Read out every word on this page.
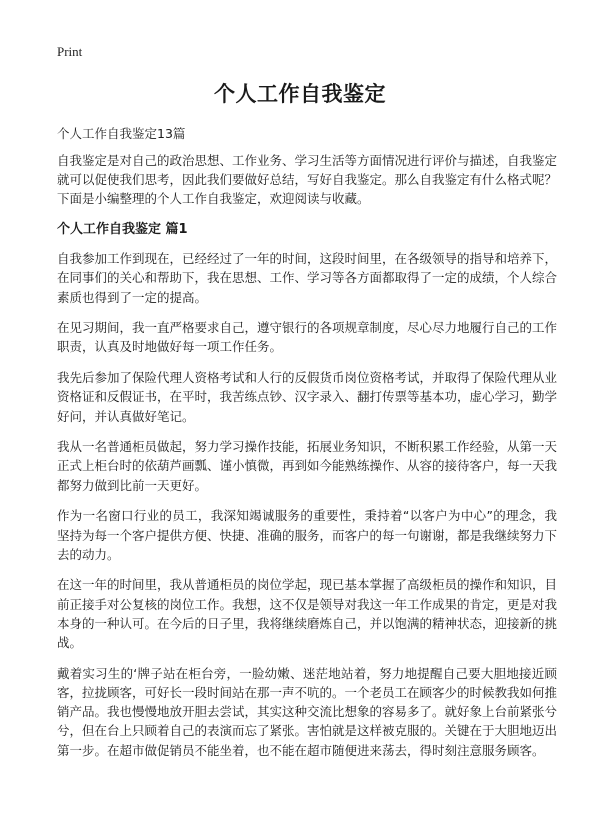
Print
个人工作自我鉴定

个人工作自我鉴定13篇

自我鉴定是对自己的政治思想、工作业务、学习生活等方面情况进行评价与描述，自我鉴定就可以促使我们思考，因此我们要做好总结，写好自我鉴定。那么自我鉴定有什么格式呢？下面是小编整理的个人工作自我鉴定，欢迎阅读与收藏。

个人工作自我鉴定 篇1

自我参加工作到现在，已经经过了一年的时间，这段时间里，在各级领导的指导和培养下，在同事们的关心和帮助下，我在思想、工作、学习等各方面都取得了一定的成绩，个人综合素质也得到了一定的提高。

在见习期间，我一直严格要求自己，遵守银行的各项规章制度，尽心尽力地履行自己的工作职责，认真及时地做好每一项工作任务。

我先后参加了保险代理人资格考试和人行的反假货币岗位资格考试，并取得了保险代理从业资格证和反假证书，在平时，我苦练点钞、汉字录入、翻打传票等基本功，虚心学习，勤学好问，并认真做好笔记。

我从一名普通柜员做起，努力学习操作技能，拓展业务知识，不断积累工作经验，从第一天正式上柜台时的依葫芦画瓢、谨小慎微，再到如今能熟练操作、从容的接待客户，每一天我都努力做到比前一天更好。

作为一名窗口行业的员工，我深知竭诚服务的重要性，秉持着“以客户为中心”的理念，我坚持为每一个客户提供方便、快捷、准确的服务，而客户的每一句谢谢，都是我继续努力下去的动力。

在这一年的时间里，我从普通柜员的岗位学起，现已基本掌握了高级柜员的操作和知识，目前正接手对公复核的岗位工作。我想，这不仅是领导对我这一年工作成果的肯定，更是对我本身的一种认可。在今后的日子里，我将继续磨炼自己，并以饱满的精神状态，迎接新的挑战。

戴着实习生的‘牌子站在柜台旁，一脸幼嫩、迷茫地站着，努力地提醒自己要大胆地接近顾客，拉拢顾客，可好长一段时间站在那一声不吭的。一个老员工在顾客少的时候教我如何推销产品。我也慢慢地放开胆去尝试，其实这种交流比想象的容易多了。就好象上台前紧张兮兮，但在台上只顾着自己的表演而忘了紧张。害怕就是这样被克服的。关键在于大胆地迈出第一步。在超市做促销员不能坐着，也不能在超市随便进来荡去，得时刻注意服务顾客。
